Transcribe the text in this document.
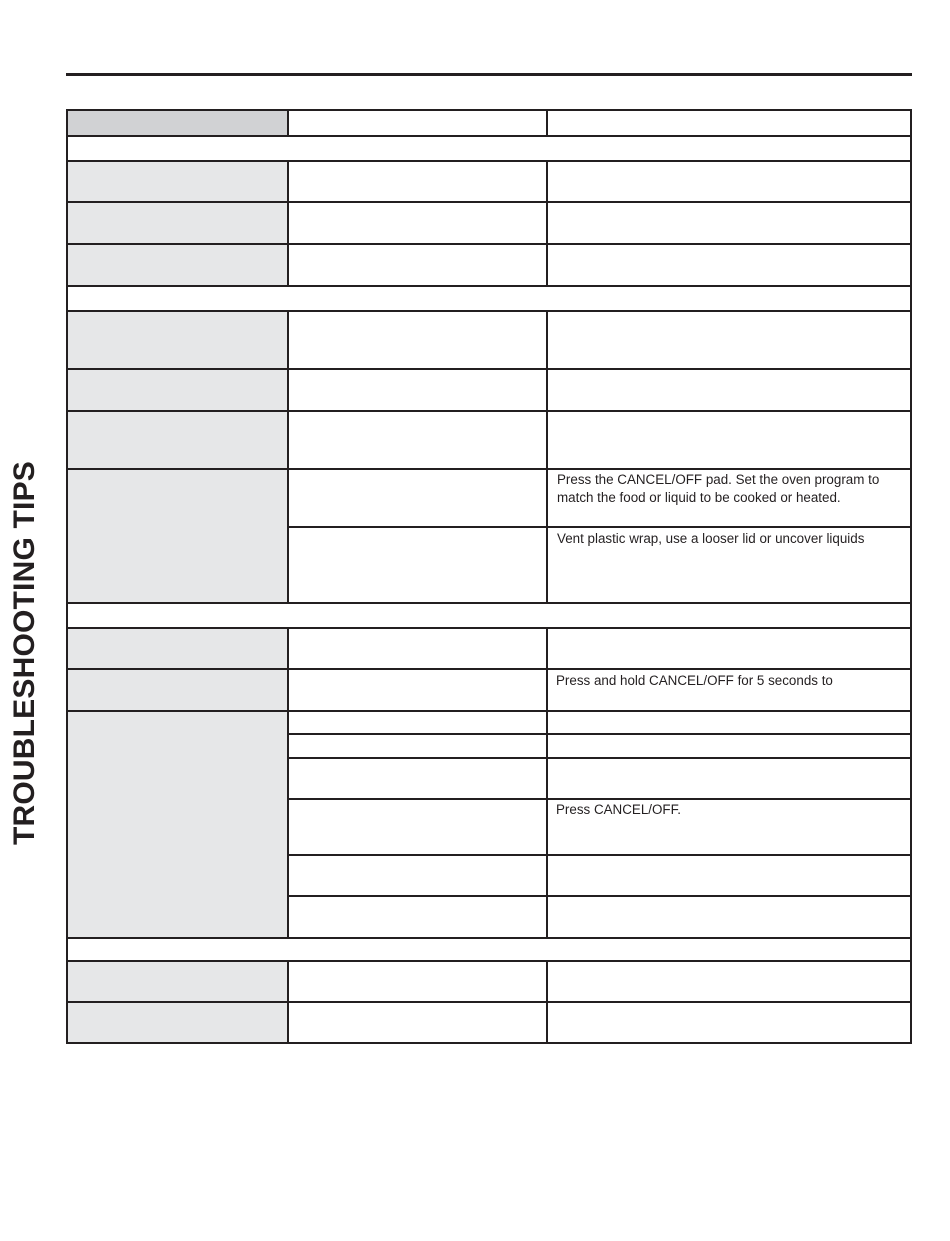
TROUBLESHOOTING TIPS	Press the CANCEL/OFF pad. Set the oven program to match the food or liquid to be cooked or heated.
Vent plastic wrap, use a looser lid or uncover liquids
Press and hold CANCEL/OFF for 5 seconds to
Press CANCEL/OFF.
